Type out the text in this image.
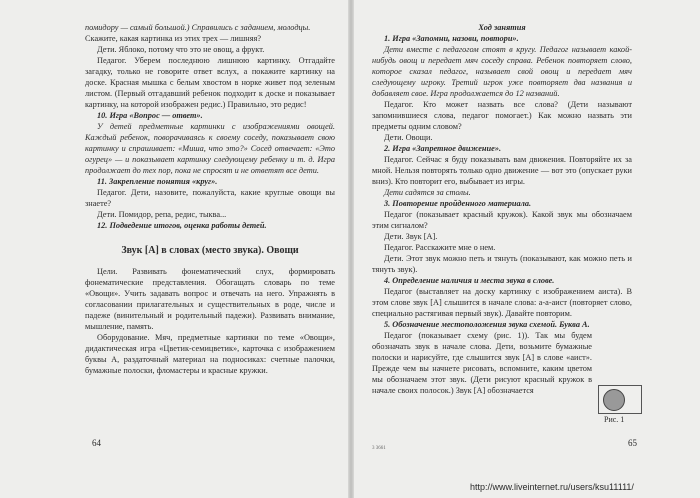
помидору — самый большой.) Справились с заданием, молодцы.

Скажите, какая картинка из этих трех — лишняя?

Дети. Яблоко, потому что это не овощ, а фрукт.

Педагог. Уберем последнюю лишнюю картинку. Отгадайте загадку, только не говорите ответ вслух, а покажите картинку на доске. Красная мышка с белым хвостом в норке живет под зеленым листом. (Первый отгадавший ребенок подходит к доске и показывает картинку, на которой изображен редис.) Правильно, это редис!

10. Игра «Вопрос — ответ».

У детей предметные картинки с изображениями овощей. Каждый ребенок, поворачиваясь к своему соседу, показывает свою картинку и спрашивает: «Миша, что это?» Сосед отвечает: «Это огурец» — и показывает картинку следующему ребенку и т. д. Игра продолжает до тех пор, пока не спросят и не ответят все дети.

11. Закрепление понятия «круг».

Педагог. Дети, назовите, пожалуйста, какие круглые овощи вы знаете?

Дети. Помидор, репа, редис, тыква...

12. Подведение итогов, оценка работы детей.

Звук [А] в словах (место звука). Овощи

Цели. Развивать фонематический слух, формировать фонематические представления. Обогащать словарь по теме «Овощи». Учить задавать вопрос и отвечать на него. Упражнять в согласовании прилагательных и существительных в роде, числе и падеже (винительный и родительный падежи). Развивать внимание, мышление, память.

Оборудование. Мяч, предметные картинки по теме «Овощи», дидактическая игра «Цветик-семицветик», карточка с изображением буквы А, раздаточный материал на подносиках: счетные палочки, бумажные полоски, фломастеры и красные кружки.

64

Ход занятия

1. Игра «Запомни, назови, повтори».

Дети вместе с педагогом стоят в кругу. Педагог называет какой-нибудь овощ и передает мяч соседу справа. Ребенок повторяет слово, которое сказал педагог, называет свой овощ и передает мяч следующему игроку. Третий игрок уже повторяет два названия и добавляет свое. Игра продолжается до 12 названий.

Педагог. Кто может назвать все слова? (Дети называют запомнившиеся слова, педагог помогает.) Как можно назвать эти предметы одним словом?

Дети. Овощи.

2. Игра «Запретное движение».

Педагог. Сейчас я буду показывать вам движения. Повторяйте их за мной. Нельзя повторять только одно движение — вот это (опускает руки вниз). Кто повторит его, выбывает из игры.

Дети садятся за столы.

3. Повторение пройденного материала.

Педагог (показывает красный кружок). Какой звук мы обозначаем этим сигналом?

Дети. Звук [А].

Педагог. Расскажите мне о нем.

Дети. Этот звук можно петь и тянуть (показывают, как можно петь и тянуть звук).

4. Определение наличия и места звука в слове.

Педагог (выставляет на доску картинку с изображением аиста). В этом слове звук [А] слышится в начале слова: а-а-аист (повторяет слово, специально растягивая первый звук). Давайте повторим.

5. Обозначение местоположения звука схемой. Буква А.

Педагог (показывает схему (рис. 1)). Так мы будем обозначать звук в начале слова. Дети, возьмите бумажные полоски и нарисуйте, где слышится звук [А] в слове «аист». Прежде чем вы начнете рисовать, вспомните, каким цветом мы обозначаем этот звук. (Дети рисуют красный кружок в начале своих полосок.) Звук [А] обозначается

Рис. 1
3 3661
65
http://www.liveinternet.ru/users/ksu11111/
